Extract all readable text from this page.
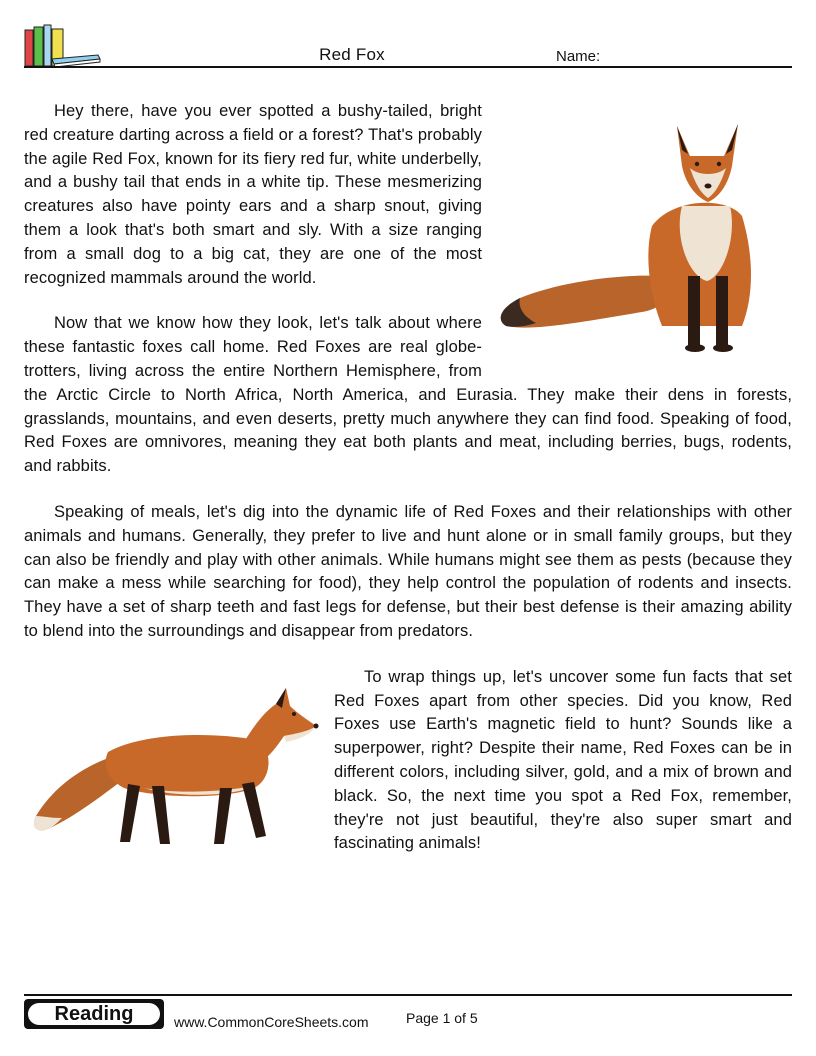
Red Fox	Name:

Hey there, have you ever spotted a bushy-tailed, bright red creature darting across a field or a forest? That's probably the agile Red Fox, known for its fiery red fur, white underbelly, and a bushy tail that ends in a white tip. These mesmerizing creatures also have pointy ears and a sharp snout, giving them a look that's both smart and sly. With a size ranging from a small dog to a big cat, they are one of the most recognized mammals around the world.

Now that we know how they look, let's talk about where these fantastic foxes call home. Red Foxes are real globe-trotters, living across the entire Northern Hemisphere, from the Arctic Circle to North Africa, North America, and Eurasia. They make their dens in forests, grasslands, mountains, and even deserts, pretty much anywhere they can find food. Speaking of food, Red Foxes are omnivores, meaning they eat both plants and meat, including berries, bugs, rodents, and rabbits.

Speaking of meals, let's dig into the dynamic life of Red Foxes and their relationships with other animals and humans. Generally, they prefer to live and hunt alone or in small family groups, but they can also be friendly and play with other animals. While humans might see them as pests (because they can make a mess while searching for food), they help control the population of rodents and insects. They have a set of sharp teeth and fast legs for defense, but their best defense is their amazing ability to blend into the surroundings and disappear from predators.

To wrap things up, let's uncover some fun facts that set Red Foxes apart from other species. Did you know, Red Foxes use Earth's magnetic field to hunt? Sounds like a superpower, right? Despite their name, Red Foxes can be in different colors, including silver, gold, and a mix of brown and black. So, the next time you spot a Red Fox, remember, they're not just beautiful, they're also super smart and fascinating animals!

Reading	www.CommonCoreSheets.com	Page 1 of 5
